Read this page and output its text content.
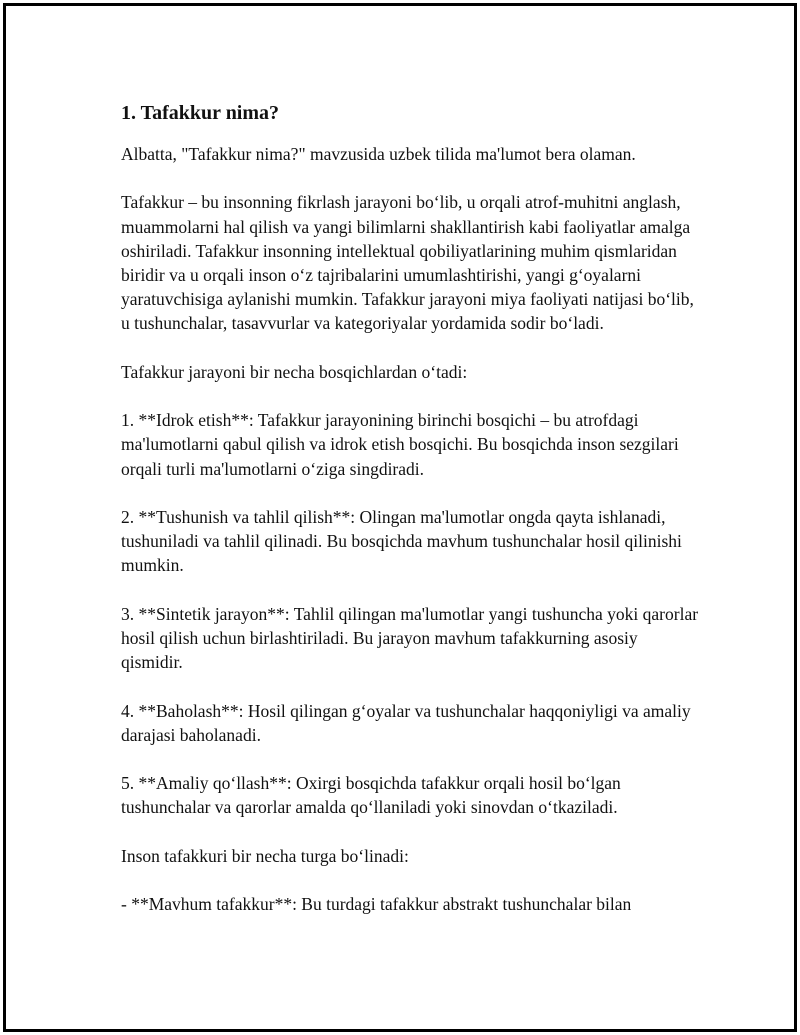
1. Tafakkur nima?

Albatta, "Tafakkur nima?" mavzusida uzbek tilida ma'lumot bera olaman.

Tafakkur – bu insonning fikrlash jarayoni bo‘lib, u orqali atrof-muhitni anglash, muammolarni hal qilish va yangi bilimlarni shakllantirish kabi faoliyatlar amalga oshiriladi. Tafakkur insonning intellektual qobiliyatlarining muhim qismlaridan biridir va u orqali inson o‘z tajribalarini umumlashtirishi, yangi g‘oyalarni yaratuvchisiga aylanishi mumkin. Tafakkur jarayoni miya faoliyati natijasi bo‘lib, u tushunchalar, tasavvurlar va kategoriyalar yordamida sodir bo‘ladi.

Tafakkur jarayoni bir necha bosqichlardan o‘tadi:

1. **Idrok etish**: Tafakkur jarayonining birinchi bosqichi – bu atrofdagi ma'lumotlarni qabul qilish va idrok etish bosqichi. Bu bosqichda inson sezgilari orqali turli ma'lumotlarni o‘ziga singdiradi.

2. **Tushunish va tahlil qilish**: Olingan ma'lumotlar ongda qayta ishlanadi, tushuniladi va tahlil qilinadi. Bu bosqichda mavhum tushunchalar hosil qilinishi mumkin.

3. **Sintetik jarayon**: Tahlil qilingan ma'lumotlar yangi tushuncha yoki qarorlar hosil qilish uchun birlashtiriladi. Bu jarayon mavhum tafakkurning asosiy qismidir.

4. **Baholash**: Hosil qilingan g‘oyalar va tushunchalar haqqoniyligi va amaliy darajasi baholanadi.

5. **Amaliy qo‘llash**: Oxirgi bosqichda tafakkur orqali hosil bo‘lgan tushunchalar va qarorlar amalda qo‘llaniladi yoki sinovdan o‘tkaziladi.

Inson tafakkuri bir necha turga bo‘linadi:

- **Mavhum tafakkur**: Bu turdagi tafakkur abstrakt tushunchalar bilan
